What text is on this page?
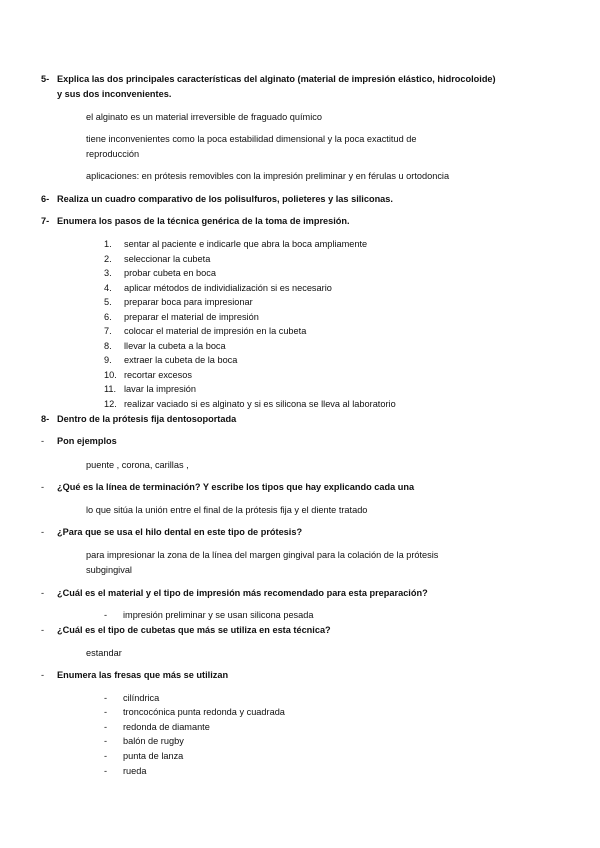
5- Explica las dos principales características del alginato (material de impresión elástico, hidrocoloide)
y sus dos inconvenientes.
el alginato es un material irreversible de fraguado químico
tiene inconvenientes como la poca estabilidad dimensional y la poca exactitud de
reproducción
aplicaciones: en prótesis removibles con la impresión preliminar y en férulas u ortodoncia
6- Realiza un cuadro comparativo de los polisulfuros, polieteres y las siliconas.
7- Enumera los pasos de la técnica genérica de la toma de impresión.
1. sentar al paciente e indicarle que abra la boca ampliamente
2. seleccionar la cubeta
3. probar cubeta en boca
4. aplicar métodos de individialización si es necesario
5. preparar boca para impresionar
6. preparar el material de impresión
7. colocar el material de impresión en la cubeta
8. llevar la cubeta a la boca
9. extraer la cubeta de la boca
10. recortar excesos
11. lavar la impresión
12. realizar vaciado si es alginato y si es silicona se lleva al laboratorio
8- Dentro de la prótesis fija dentosoportada
- Pon ejemplos
puente , corona, carillas ,
- ¿Qué es la línea de terminación? Y escribe los tipos que hay explicando cada una
lo que sitúa la unión entre el final de la prótesis fija y el diente tratado
- ¿Para que se usa el hilo dental en este tipo de prótesis?
para impresionar la zona de la línea del margen gingival para la colación de la prótesis
subgingival
- ¿Cuál es el material y el tipo de impresión más recomendado para esta preparación?
- impresión preliminar y se usan silicona pesada
- ¿Cuál es el tipo de cubetas que más se utiliza en esta técnica?
estandar
- Enumera las fresas que más se utilizan
- cilíndrica
- troncocónica punta redonda y cuadrada
- redonda de diamante
- balón de rugby
- punta de lanza
- rueda
